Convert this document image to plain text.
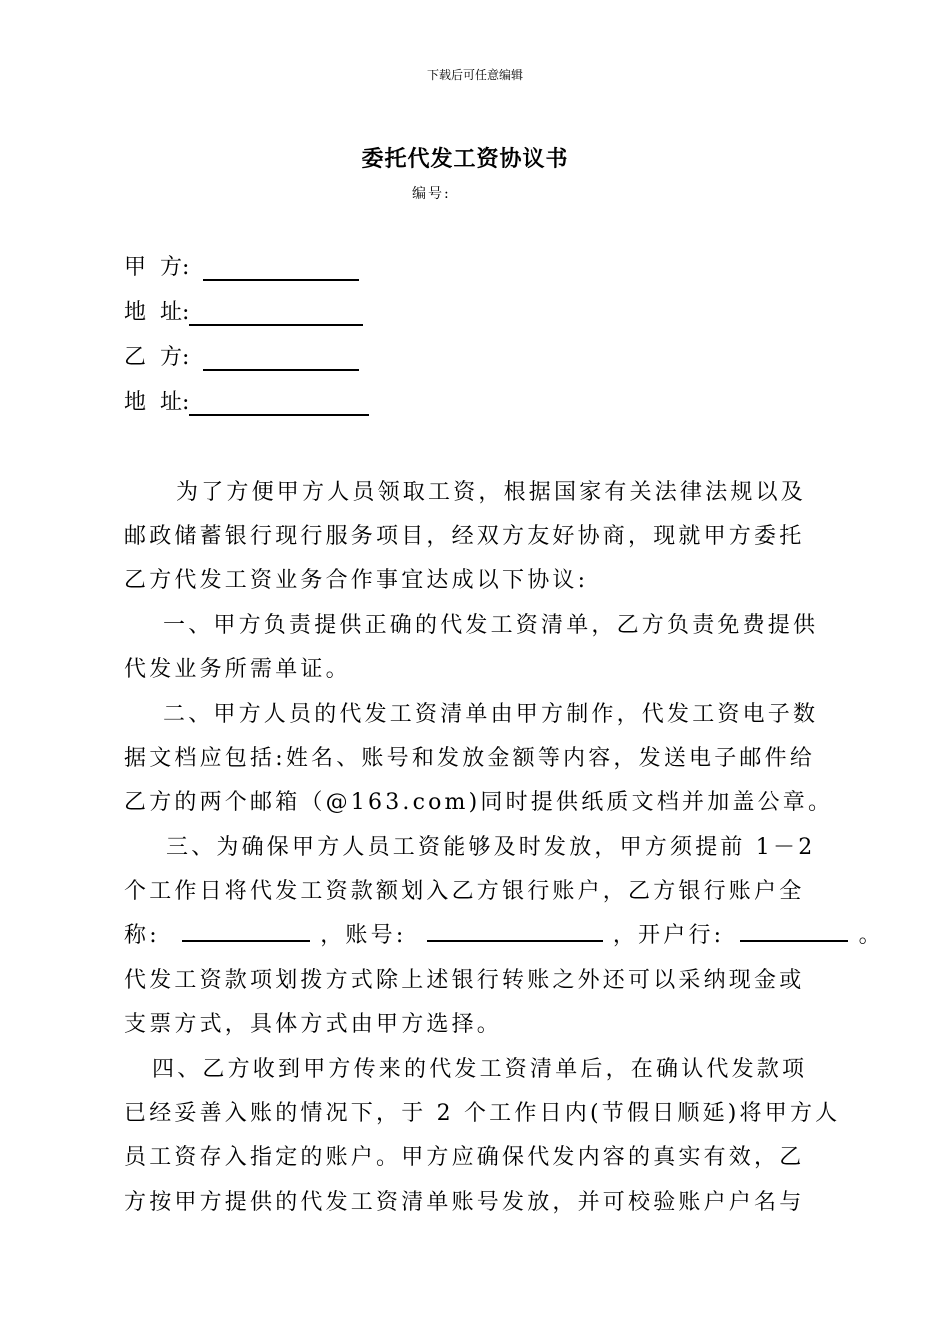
下载后可任意编辑
委托代发工资协议书
编号:
甲  方:
地  址:
乙  方:
地  址:
为了方便甲方人员领取工资，根据国家有关法律法规以及
邮政储蓄银行现行服务项目，经双方友好协商，现就甲方委托
乙方代发工资业务合作事宜达成以下协议:
一、甲方负责提供正确的代发工资清单，乙方负责免费提供
代发业务所需单证。
二、甲方人员的代发工资清单由甲方制作，代发工资电子数
据文档应包括:姓名、账号和发放金额等内容，发送电子邮件给
乙方的两个邮箱（@163.com)同时提供纸质文档并加盖公章。
三、为确保甲方人员工资能够及时发放，甲方须提前 1－2
个工作日将代发工资款额划入乙方银行账户，乙方银行账户全
称:	，账号:	，开户行:	。
代发工资款项划拨方式除上述银行转账之外还可以采纳现金或
支票方式，具体方式由甲方选择。
四、乙方收到甲方传来的代发工资清单后，在确认代发款项
已经妥善入账的情况下，于 2 个工作日内(节假日顺延)将甲方人
员工资存入指定的账户。甲方应确保代发内容的真实有效，乙
方按甲方提供的代发工资清单账号发放，并可校验账户户名与
